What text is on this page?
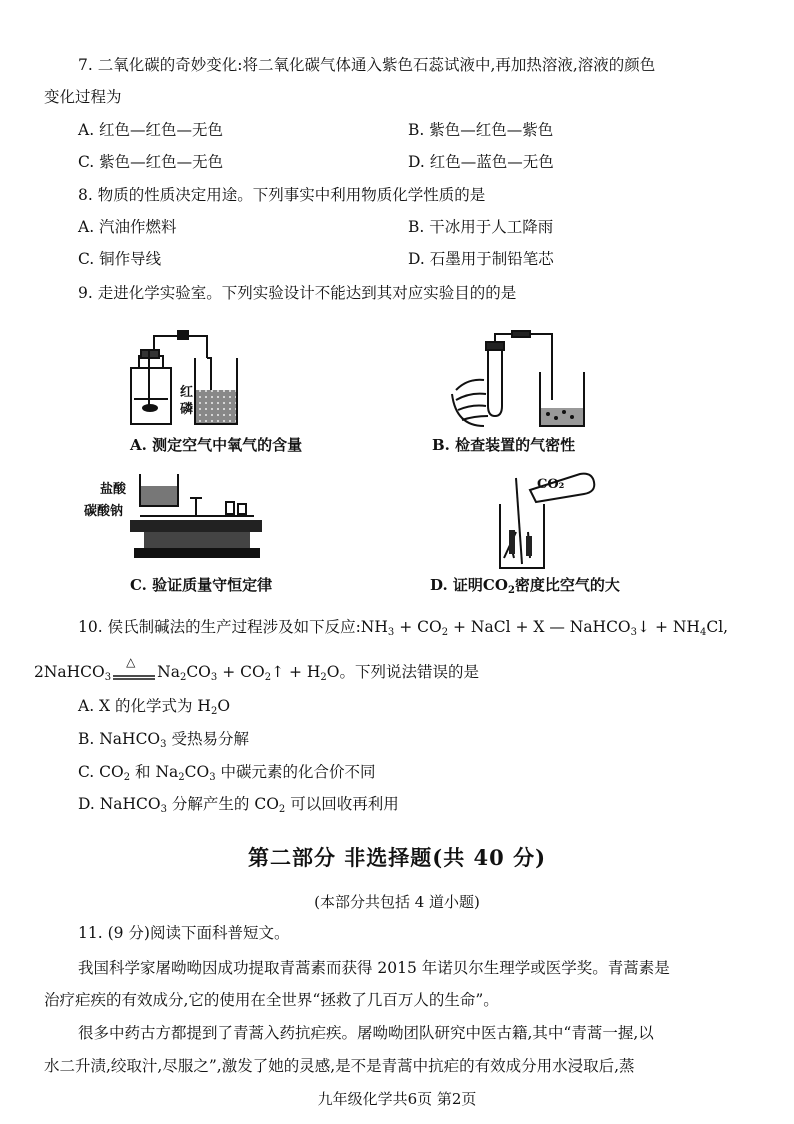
7. 二氧化碳的奇妙变化:将二氧化碳气体通入紫色石蕊试液中,再加热溶液,溶液的颜色
变化过程为
A. 红色—红色—无色	B. 紫色—红色—紫色
C. 紫色—红色—无色	D. 红色—蓝色—无色
8. 物质的性质决定用途。下列事实中利用物质化学性质的是
A. 汽油作燃料	B. 干冰用于人工降雨
C. 铜作导线	D. 石墨用于制铅笔芯
9. 走进化学实验室。下列实验设计不能达到其对应实验目的的是
红
磷
A. 测定空气中氧气的含量	B. 检查装置的气密性
盐酸
碳酸钠
C. 验证质量守恒定律
CO₂
D. 证明$CO_2$密度比空气的大
10. 侯氏制碱法的生产过程涉及如下反应$:NH_3 + CO_2$ + NaCl + X — NaHCO$_3$↓ + $NH_4Cl$,
2NaHCO$_3$
△
$Na_2CO_3$ + $CO_2↑ + H_2O$。下列说法错误的是
A. X 的化学式为 $H_2O$
B. NaHCO$_3$ 受热易分解
C. $CO_2$ 和 $Na_2CO_3$ 中碳元素的化合价不同
D. NaHCO$_3$ 分解产生的 $CO_2$ 可以回收再利用
第二部分 非选择题(共 40 分)
(本部分共包括 4 道小题)
11. (9 分)阅读下面科普短文。
我国科学家屠呦呦因成功提取青蒿素而获得 2015 年诺贝尔生理学或医学奖。青蒿素是
治疗疟疾的有效成分,它的使用在全世界“拯救了几百万人的生命”。
很多中药古方都提到了青蒿入药抗疟疾。屠呦呦团队研究中医古籍,其中“青蒿一握,以
水二升渍,绞取汁,尽服之”,激发了她的灵感,是不是青蒿中抗疟的有效成分用水浸取后,蒸
九年级化学共6页 第2页
